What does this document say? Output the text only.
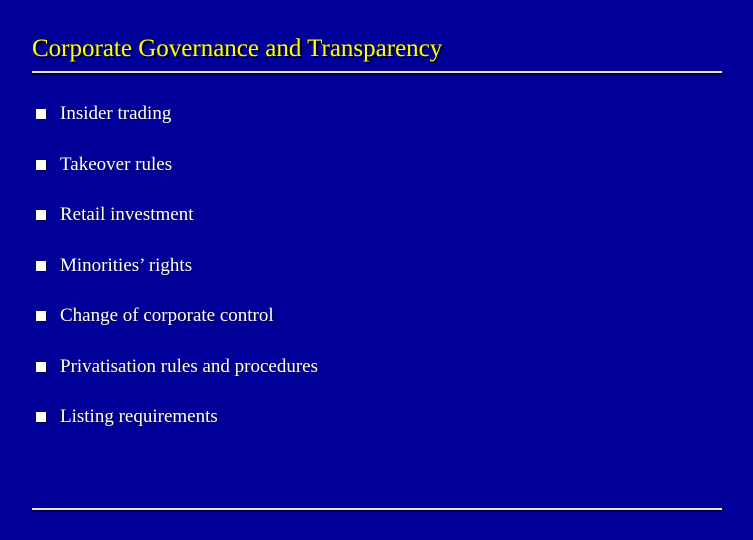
Corporate Governance and Transparency
Insider trading
Takeover rules
Retail investment
Minorities’ rights
Change of corporate control
Privatisation rules and procedures
Listing requirements
